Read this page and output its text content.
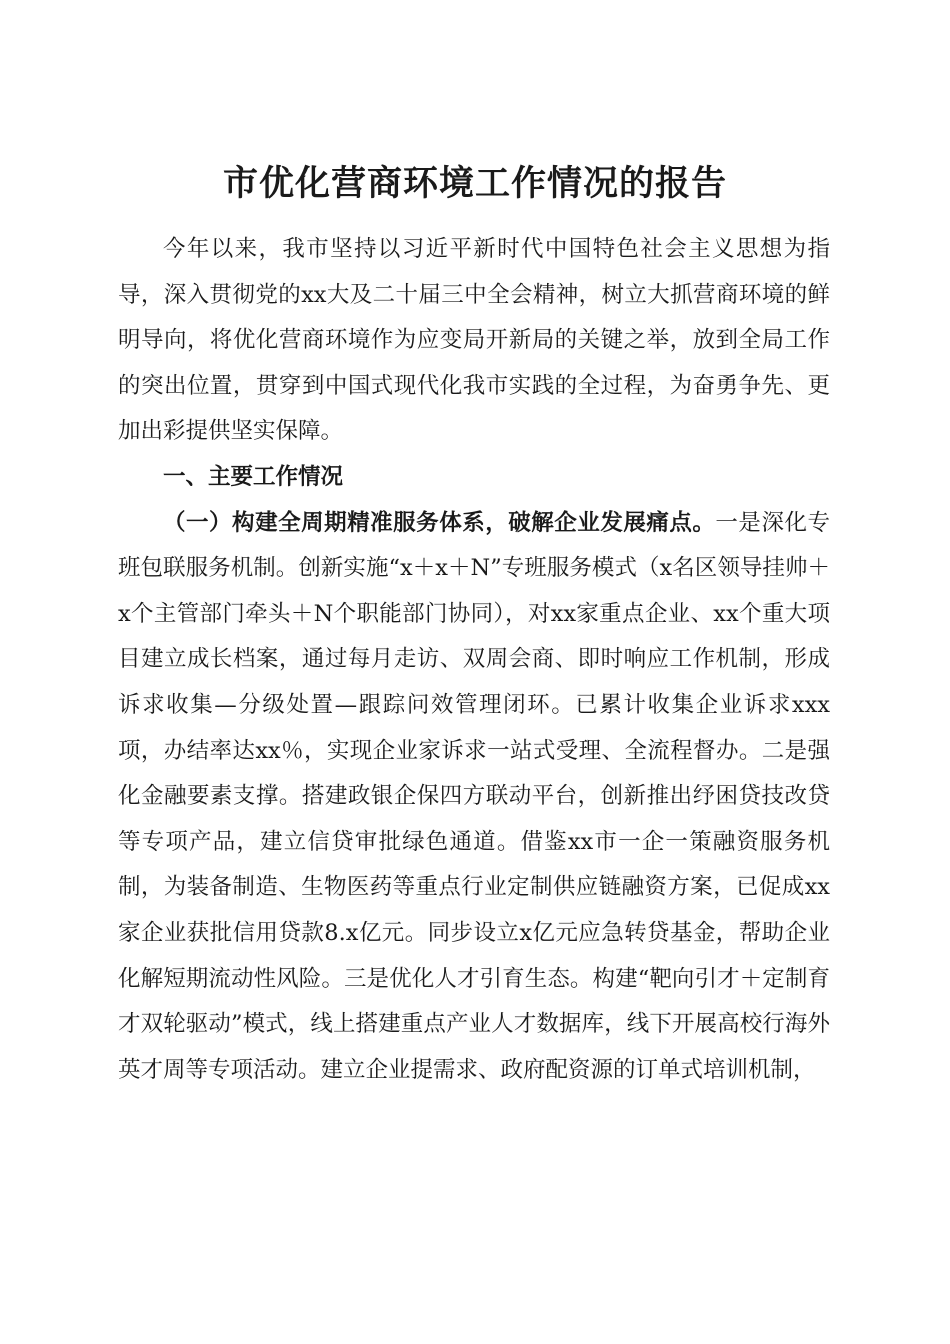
市优化营商环境工作情况的报告

今年以来，我市坚持以习近平新时代中国特色社会主义思想为指导，深入贯彻党的xx大及二十届三中全会精神，树立大抓营商环境的鲜明导向，将优化营商环境作为应变局开新局的关键之举，放到全局工作的突出位置，贯穿到中国式现代化我市实践的全过程，为奋勇争先、更加出彩提供坚实保障。

一、主要工作情况

（一）构建全周期精准服务体系，破解企业发展痛点。一是深化专班包联服务机制。创新实施“x＋x＋N”专班服务模式（x名区领导挂帅＋x个主管部门牵头＋N个职能部门协同），对xx家重点企业、xx个重大项目建立成长档案，通过每月走访、双周会商、即时响应工作机制，形成诉求收集—分级处置—跟踪问效管理闭环。已累计收集企业诉求xxx项，办结率达xx％，实现企业家诉求一站式受理、全流程督办。二是强化金融要素支撑。搭建政银企保四方联动平台，创新推出纾困贷技改贷等专项产品，建立信贷审批绿色通道。借鉴xx市一企一策融资服务机制，为装备制造、生物医药等重点行业定制供应链融资方案，已促成xx家企业获批信用贷款8.x亿元。同步设立x亿元应急转贷基金，帮助企业化解短期流动性风险。三是优化人才引育生态。构建“靶向引才＋定制育才双轮驱动”模式，线上搭建重点产业人才数据库，线下开展高校行海外英才周等专项活动。建立企业提需求、政府配资源的订单式培训机制，
